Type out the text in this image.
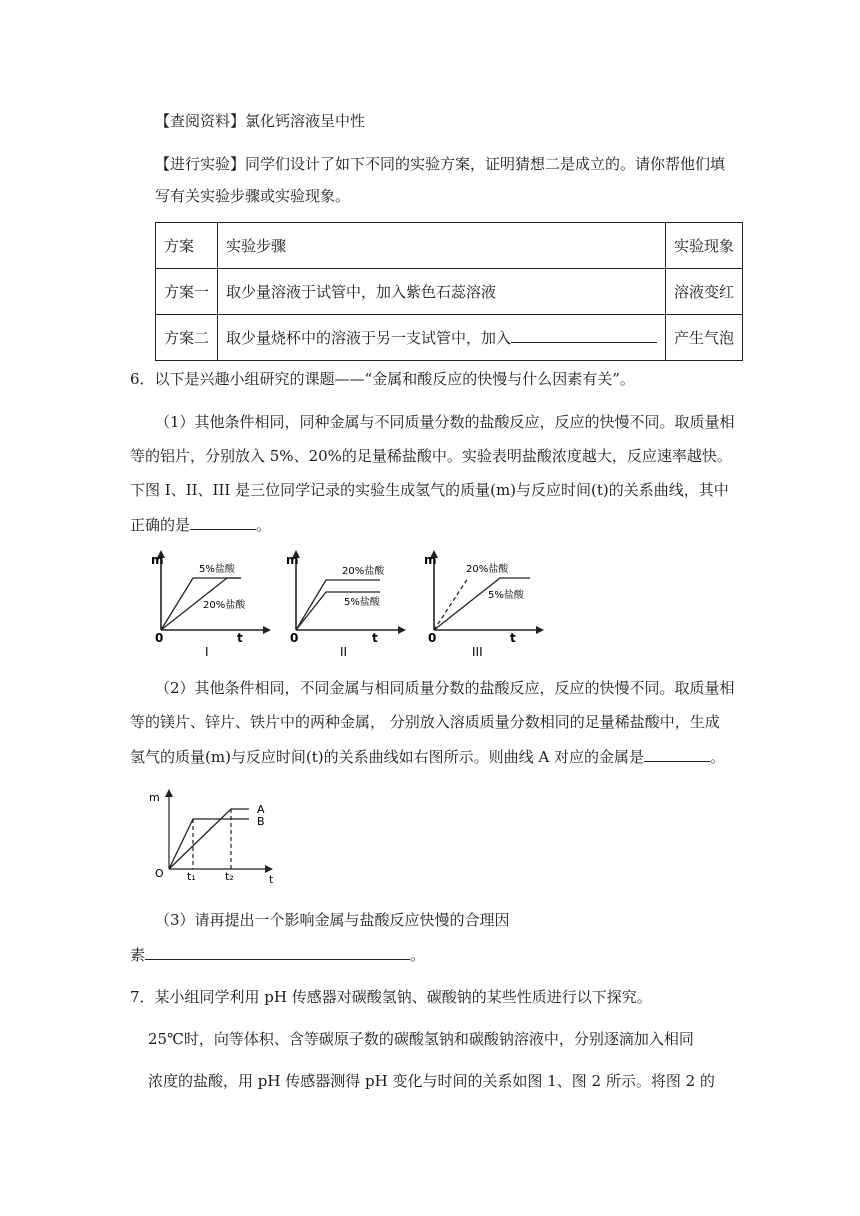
【查阅资料】氯化钙溶液呈中性
【进行实验】同学们设计了如下不同的实验方案，证明猜想二是成立的。请你帮他们填
写有关实验步骤或实验现象。
方案	实验步骤	实验现象
方案一	取少量溶液于试管中，加入紫色石蕊溶液	溶液变红
方案二	取少量烧杯中的溶液于另一支试管中，加入	产生气泡
6．以下是兴趣小组研究的课题——“金属和酸反应的快慢与什么因素有关”。
（1）其他条件相同，同种金属与不同质量分数的盐酸反应，反应的快慢不同。取质量相
等的铝片，分别放入 5%、20%的足量稀盐酸中。实验表明盐酸浓度越大，反应速率越快。
下图 I、II、III 是三位同学记录的实验生成氢气的质量(m)与反应时间(t)的关系曲线，其中
正确的是	。
m
0	t
5%盐酸
20%盐酸
I
m
0	t
20%盐酸
5%盐酸
II
m
0	t
20%盐酸
5%盐酸
III
（2）其他条件相同，不同金属与相同质量分数的盐酸反应，反应的快慢不同。取质量相
等的镁片、锌片、铁片中的两种金属， 分别放入溶质质量分数相同的足量稀盐酸中，生成
氢气的质量(m)与反应时间(t)的关系曲线如右图所示。则曲线 A 对应的金属是	。
m
O	t
A
B
t₁	t₂
（3）请再提出一个影响金属与盐酸反应快慢的合理因
素	。
7．某小组同学利用 pH 传感器对碳酸氢钠、碳酸钠的某些性质进行以下探究。
25℃时，向等体积、含等碳原子数的碳酸氢钠和碳酸钠溶液中，分别逐滴加入相同
浓度的盐酸，用 pH 传感器测得 pH 变化与时间的关系如图 1、图 2 所示。将图 2 的
